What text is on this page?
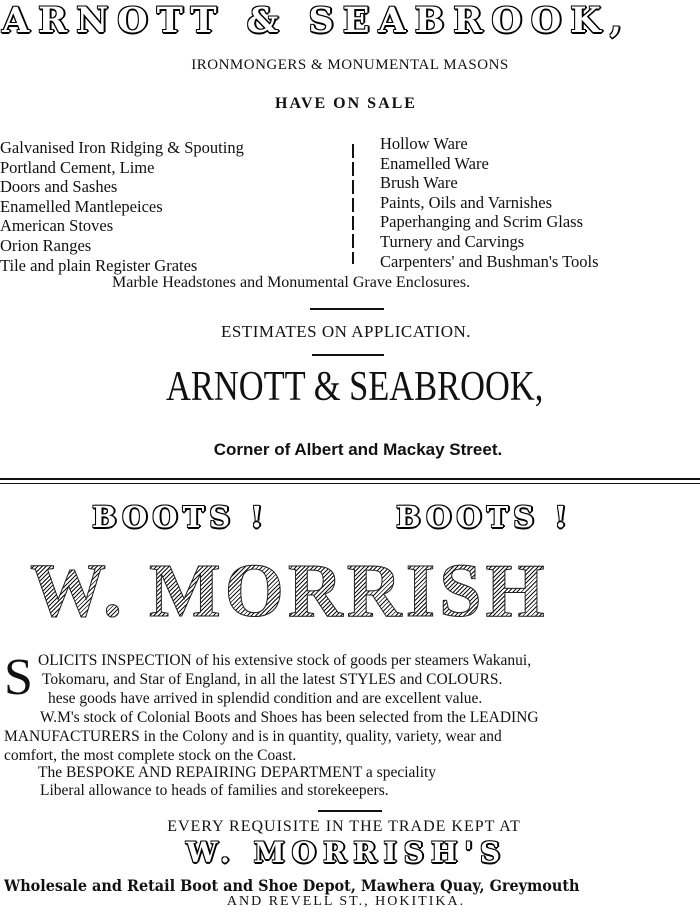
ARNOTT & SEABROOK,
IRONMONGERS & MONUMENTAL MASONS
HAVE ON SALE
Galvanised Iron Ridging & Spouting
Portland Cement, Lime
Doors and Sashes
Enamelled Mantlepeices
American Stoves
Orion Ranges
Tile and plain Register Grates
Hollow Ware
Enamelled Ware
Brush Ware
Paints, Oils and Varnishes
Paperhanging and Scrim Glass
Turnery and Carvings
Carpenters' and Bushman's Tools
Marble Headstones and Monumental Grave Enclosures.
ESTIMATES ON APPLICATION.
ARNOTT & SEABROOK,
Corner of Albert and Mackay Street.
BOOTS !	BOOTS !
W. MORRISH
S OLICITS INSPECTION of his extensive stock of goods per steamers Wakanui,
Tokomaru, and Star of England, in all the latest STYLES and COLOURS.
hese goods have arrived in splendid condition and are excellent value.
W.M's stock of Colonial Boots and Shoes has been selected from the LEADING
MANUFACTURERS in the Colony and is in quantity, quality, variety, wear and
comfort, the most complete stock on the Coast.
The BESPOKE AND REPAIRING DEPARTMENT a speciality
Liberal allowance to heads of families and storekeepers.
EVERY REQUISITE IN THE TRADE KEPT AT
W. MORRISH'S
Wholesale and Retail Boot and Shoe Depot, Mawhera Quay, Greymouth
AND REVELL ST., HOKITIKA.
